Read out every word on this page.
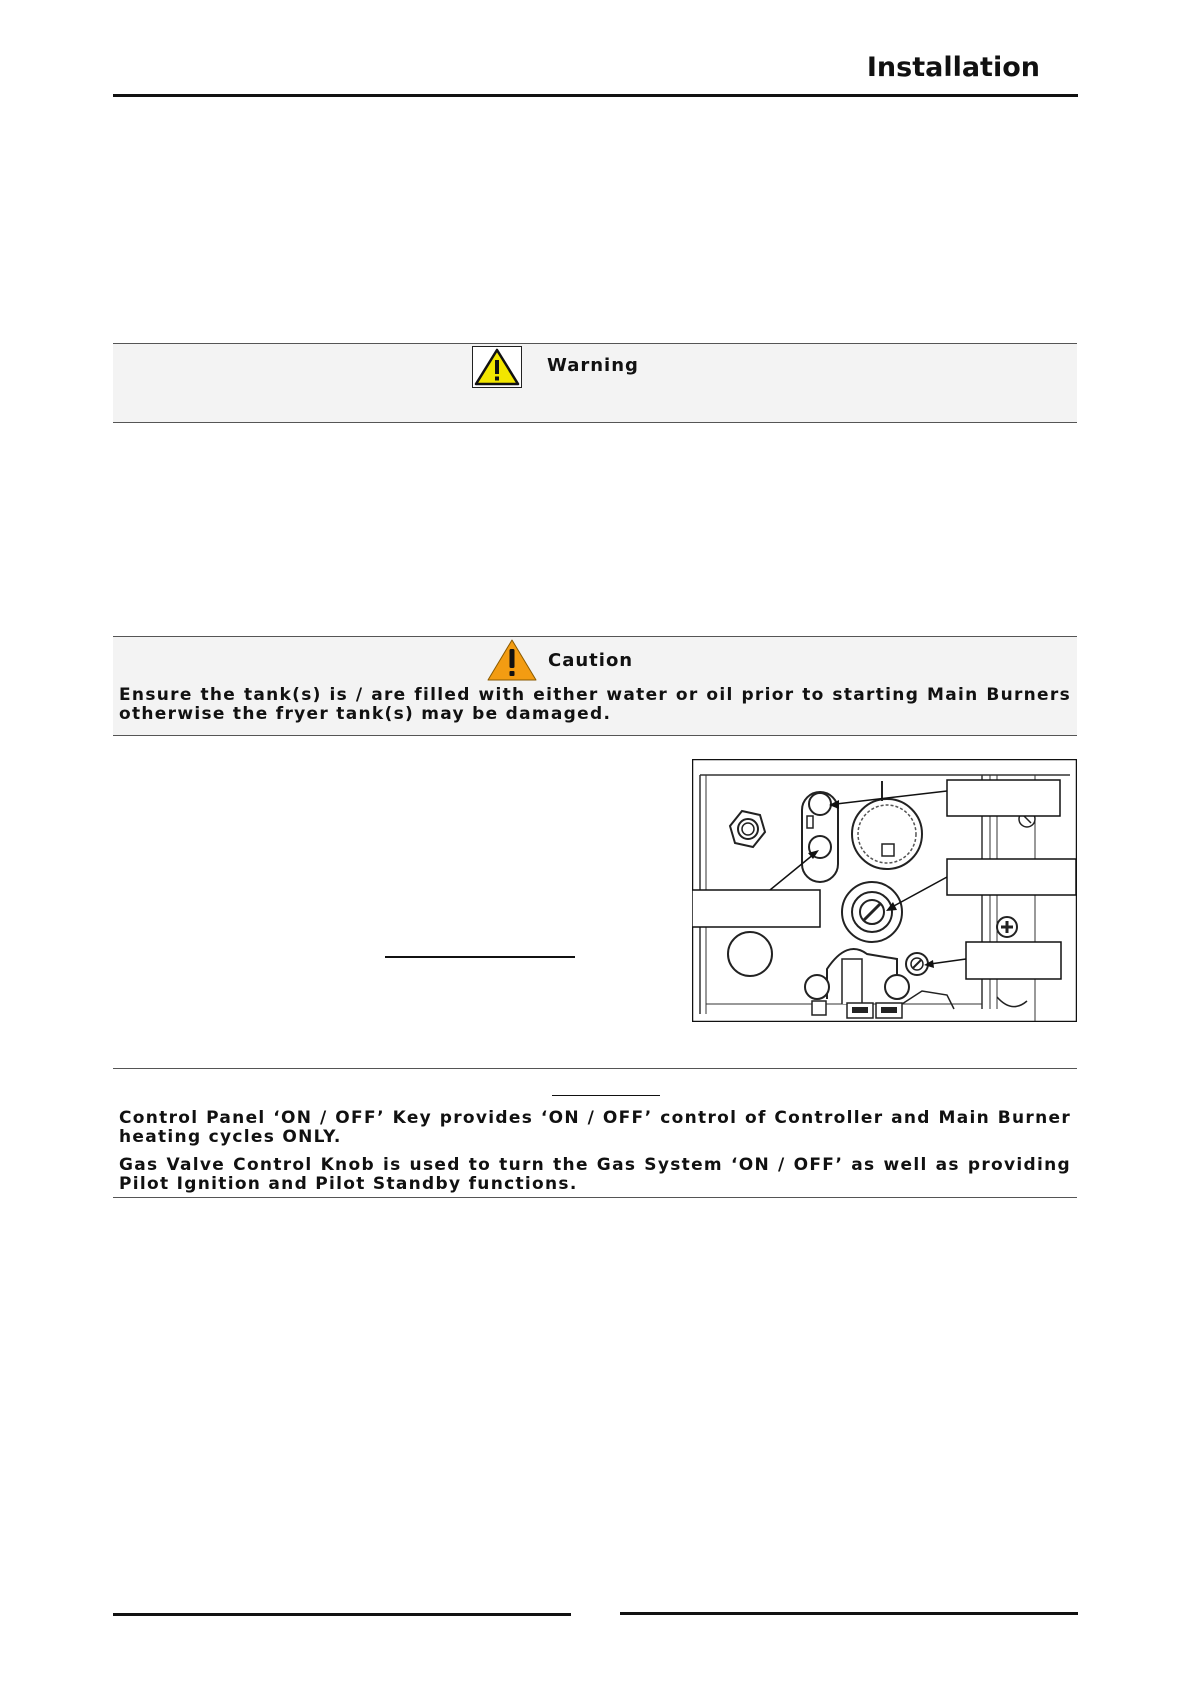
Installation
Warning
Caution
Ensure the tank(s) is / are filled with either water or oil prior to starting Main Burners otherwise the fryer tank(s) may be damaged.
Control Panel ‘ON / OFF’ Key provides ‘ON / OFF’ control of Controller and Main Burner heating cycles ONLY.
Gas Valve Control Knob is used to turn the Gas System ‘ON / OFF’ as well as providing Pilot Ignition and Pilot Standby functions.
